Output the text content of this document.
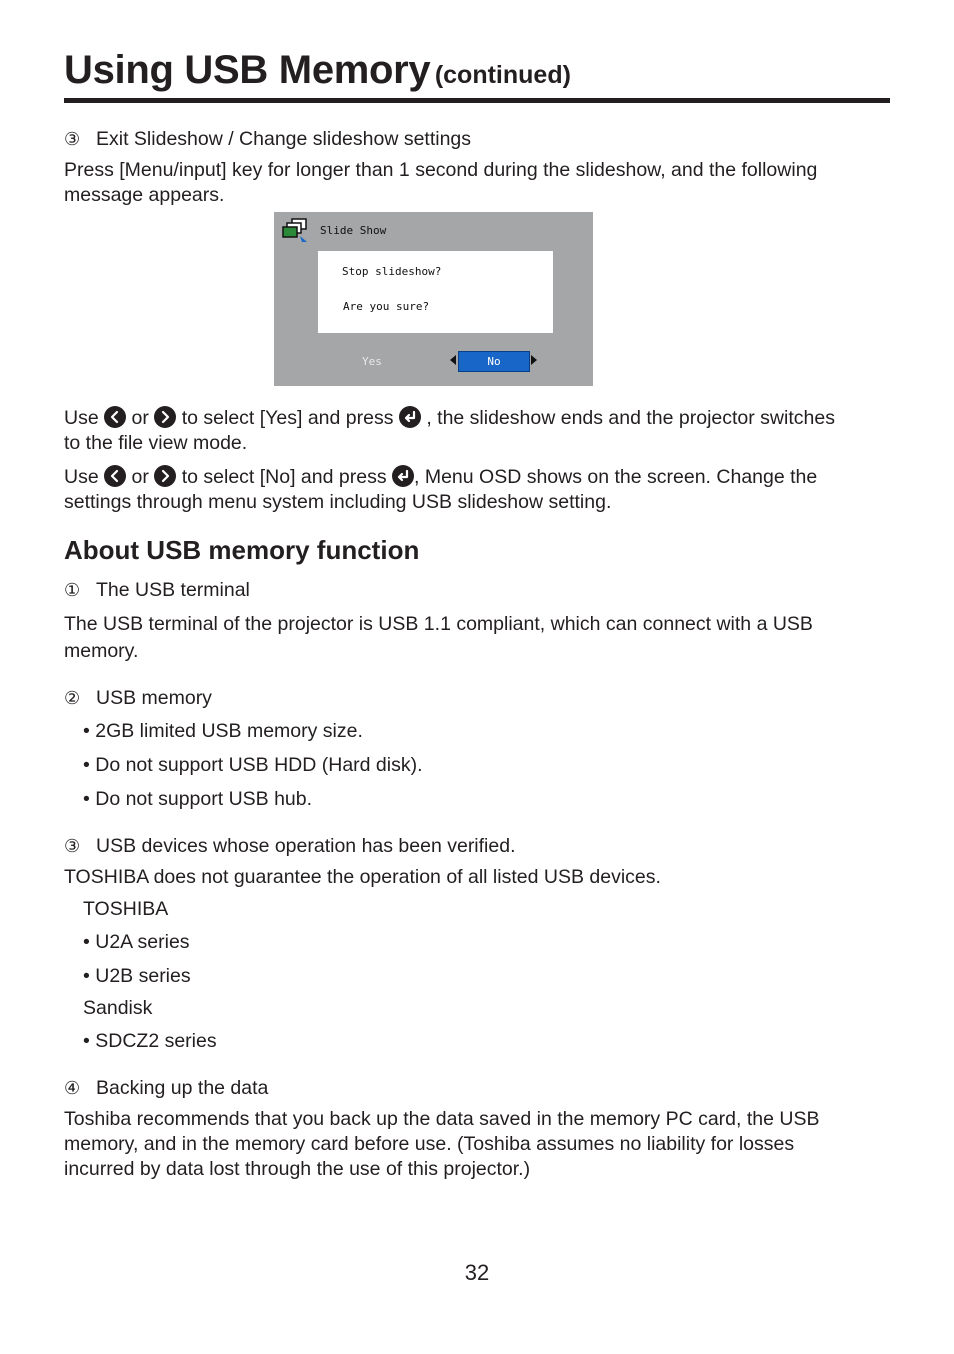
Using USB Memory (continued)
③ Exit Slideshow / Change slideshow settings
Press [Menu/input] key for longer than 1 second during the slideshow, and the following
message appears.
Slide Show
Stop slideshow?
Are you sure?
Yes	No
Use or to select [Yes] and press , the slideshow ends and the projector switches
to the file view mode.
Use or to select [No] and press , Menu OSD shows on the screen. Change the
settings through menu system including USB slideshow setting.
About USB memory function
① The USB terminal
The USB terminal of the projector is USB 1.1 compliant, which can connect with a USB
memory.
② USB memory
• 2GB limited USB memory size.
• Do not support USB HDD (Hard disk).
• Do not support USB hub.
③ USB devices whose operation has been verified.
TOSHIBA does not guarantee the operation of all listed USB devices.
TOSHIBA
• U2A series
• U2B series
Sandisk
• SDCZ2 series
④ Backing up the data
Toshiba recommends that you back up the data saved in the memory PC card, the USB
memory, and in the memory card before use. (Toshiba assumes no liability for losses
incurred by data lost through the use of this projector.)
32
